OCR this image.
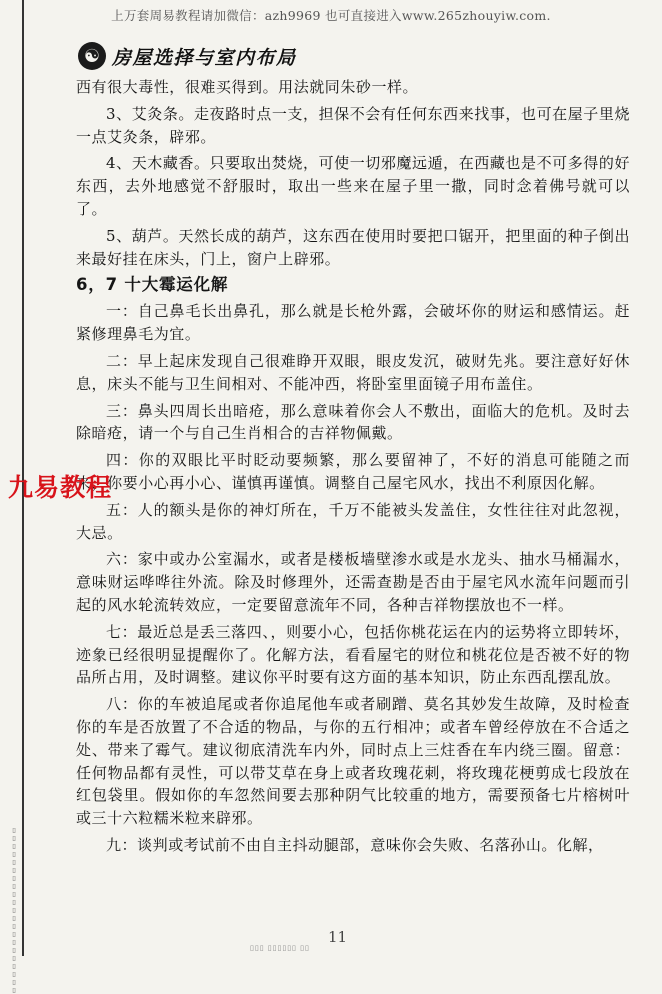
▯▯▯▯▯▯▯▯▯▯▯▯▯▯▯▯▯▯▯▯▯
上万套周易教程请加微信：azh9969 也可直接进入www.265zhouyiw.com.
☯ 房屋选择与室内布局

西有很大毒性，很难买得到。用法就同朱砂一样。

3、艾灸条。走夜路时点一支，担保不会有任何东西来找事，也可在屋子里烧一点艾灸条，辟邪。

4、天木藏香。只要取出焚烧，可使一切邪魔远遁，在西藏也是不可多得的好东西，去外地感觉不舒服时，取出一些来在屋子里一撒，同时念着佛号就可以了。

5、葫芦。天然长成的葫芦，这东西在使用时要把口锯开，把里面的种子倒出来最好挂在床头，门上，窗户上辟邪。

6，7 十大霉运化解

一：自己鼻毛长出鼻孔，那么就是长枪外露，会破坏你的财运和感情运。赶紧修理鼻毛为宜。

二：早上起床发现自己很难睁开双眼，眼皮发沉，破财先兆。要注意好好休息，床头不能与卫生间相对、不能冲西，将卧室里面镜子用布盖住。

三：鼻头四周长出暗疮，那么意味着你会人不敷出，面临大的危机。及时去除暗疮，请一个与自己生肖相合的吉祥物佩戴。

四：你的双眼比平时眨动要频繁，那么要留神了，不好的消息可能随之而来，你要小心再小心、谨慎再谨慎。调整自己屋宅风水，找出不利原因化解。

五：人的额头是你的神灯所在，千万不能被头发盖住，女性往往对此忽视，大忌。

六：家中或办公室漏水，或者是楼板墙壁渗水或是水龙头、抽水马桶漏水，意味财运哗哗往外流。除及时修理外，还需查勘是否由于屋宅风水流年问题而引起的风水轮流转效应，一定要留意流年不同，各种吉祥物摆放也不一样。

七：最近总是丢三落四、，则要小心，包括你桃花运在内的运势将立即转坏，迹象已经很明显提醒你了。化解方法，看看屋宅的财位和桃花位是否被不好的物品所占用，及时调整。建议你平时要有这方面的基本知识，防止东西乱摆乱放。

八：你的车被追尾或者你追尾他车或者刷蹭、莫名其妙发生故障，及时检查你的车是否放置了不合适的物品，与你的五行相冲；或者车曾经停放在不合适之处、带来了霉气。建议彻底清洗车内外，同时点上三炷香在车内绕三圈。留意：任何物品都有灵性，可以带艾草在身上或者玫瑰花刺，将玫瑰花梗剪成七段放在红包袋里。假如你的车忽然间要去那种阴气比较重的地方，需要预备七片榕树叶或三十六粒糯米粒来辟邪。

九：谈判或考试前不由自主抖动腿部，意味你会失败、名落孙山。化解，

九易教程
11
▯▯▯ ▯▯▯▯▯▯ ▯▯
